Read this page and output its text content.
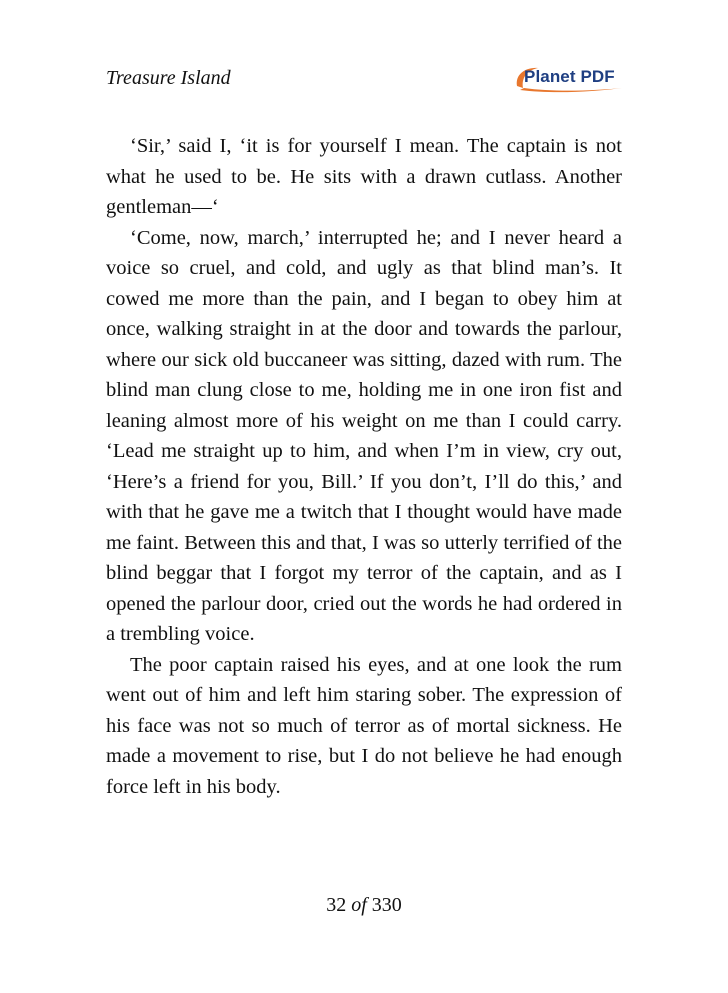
Treasure Island	Planet PDF

‘Sir,’ said I, ‘it is for yourself I mean. The captain is not what he used to be. He sits with a drawn cutlass. Another gentleman—‘

‘Come, now, march,’ interrupted he; and I never heard a voice so cruel, and cold, and ugly as that blind man’s. It cowed me more than the pain, and I began to obey him at once, walking straight in at the door and towards the parlour, where our sick old buccaneer was sitting, dazed with rum. The blind man clung close to me, holding me in one iron fist and leaning almost more of his weight on me than I could carry. ‘Lead me straight up to him, and when I’m in view, cry out, ‘Here’s a friend for you, Bill.’ If you don’t, I’ll do this,’ and with that he gave me a twitch that I thought would have made me faint. Between this and that, I was so utterly terrified of the blind beggar that I forgot my terror of the captain, and as I opened the parlour door, cried out the words he had ordered in a trembling voice.

The poor captain raised his eyes, and at one look the rum went out of him and left him staring sober. The expression of his face was not so much of terror as of mortal sickness. He made a movement to rise, but I do not believe he had enough force left in his body.

32 of 330
